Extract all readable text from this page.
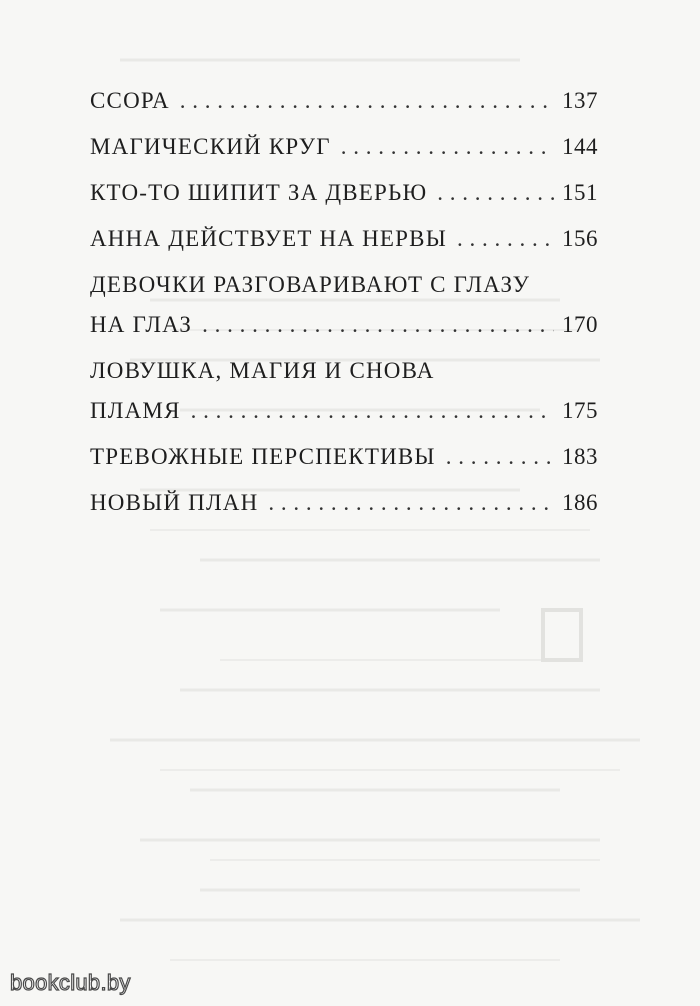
ССОРА . . .	137
МАГИЧЕСКИЙ КРУГ . . .	144
КТО-ТО ШИПИТ ЗА ДВЕРЬЮ . . .	151
АННА ДЕЙСТВУЕТ НА НЕРВЫ . . .	156
ДЕВОЧКИ РАЗГОВАРИВАЮТ С ГЛАЗУ
НА ГЛАЗ . . .	170
ЛОВУШКА, МАГИЯ И СНОВА
ПЛАМЯ . . .	175
ТРЕВОЖНЫЕ ПЕРСПЕКТИВЫ . . .	183
НОВЫЙ ПЛАН . . .	186
bookclub.by
